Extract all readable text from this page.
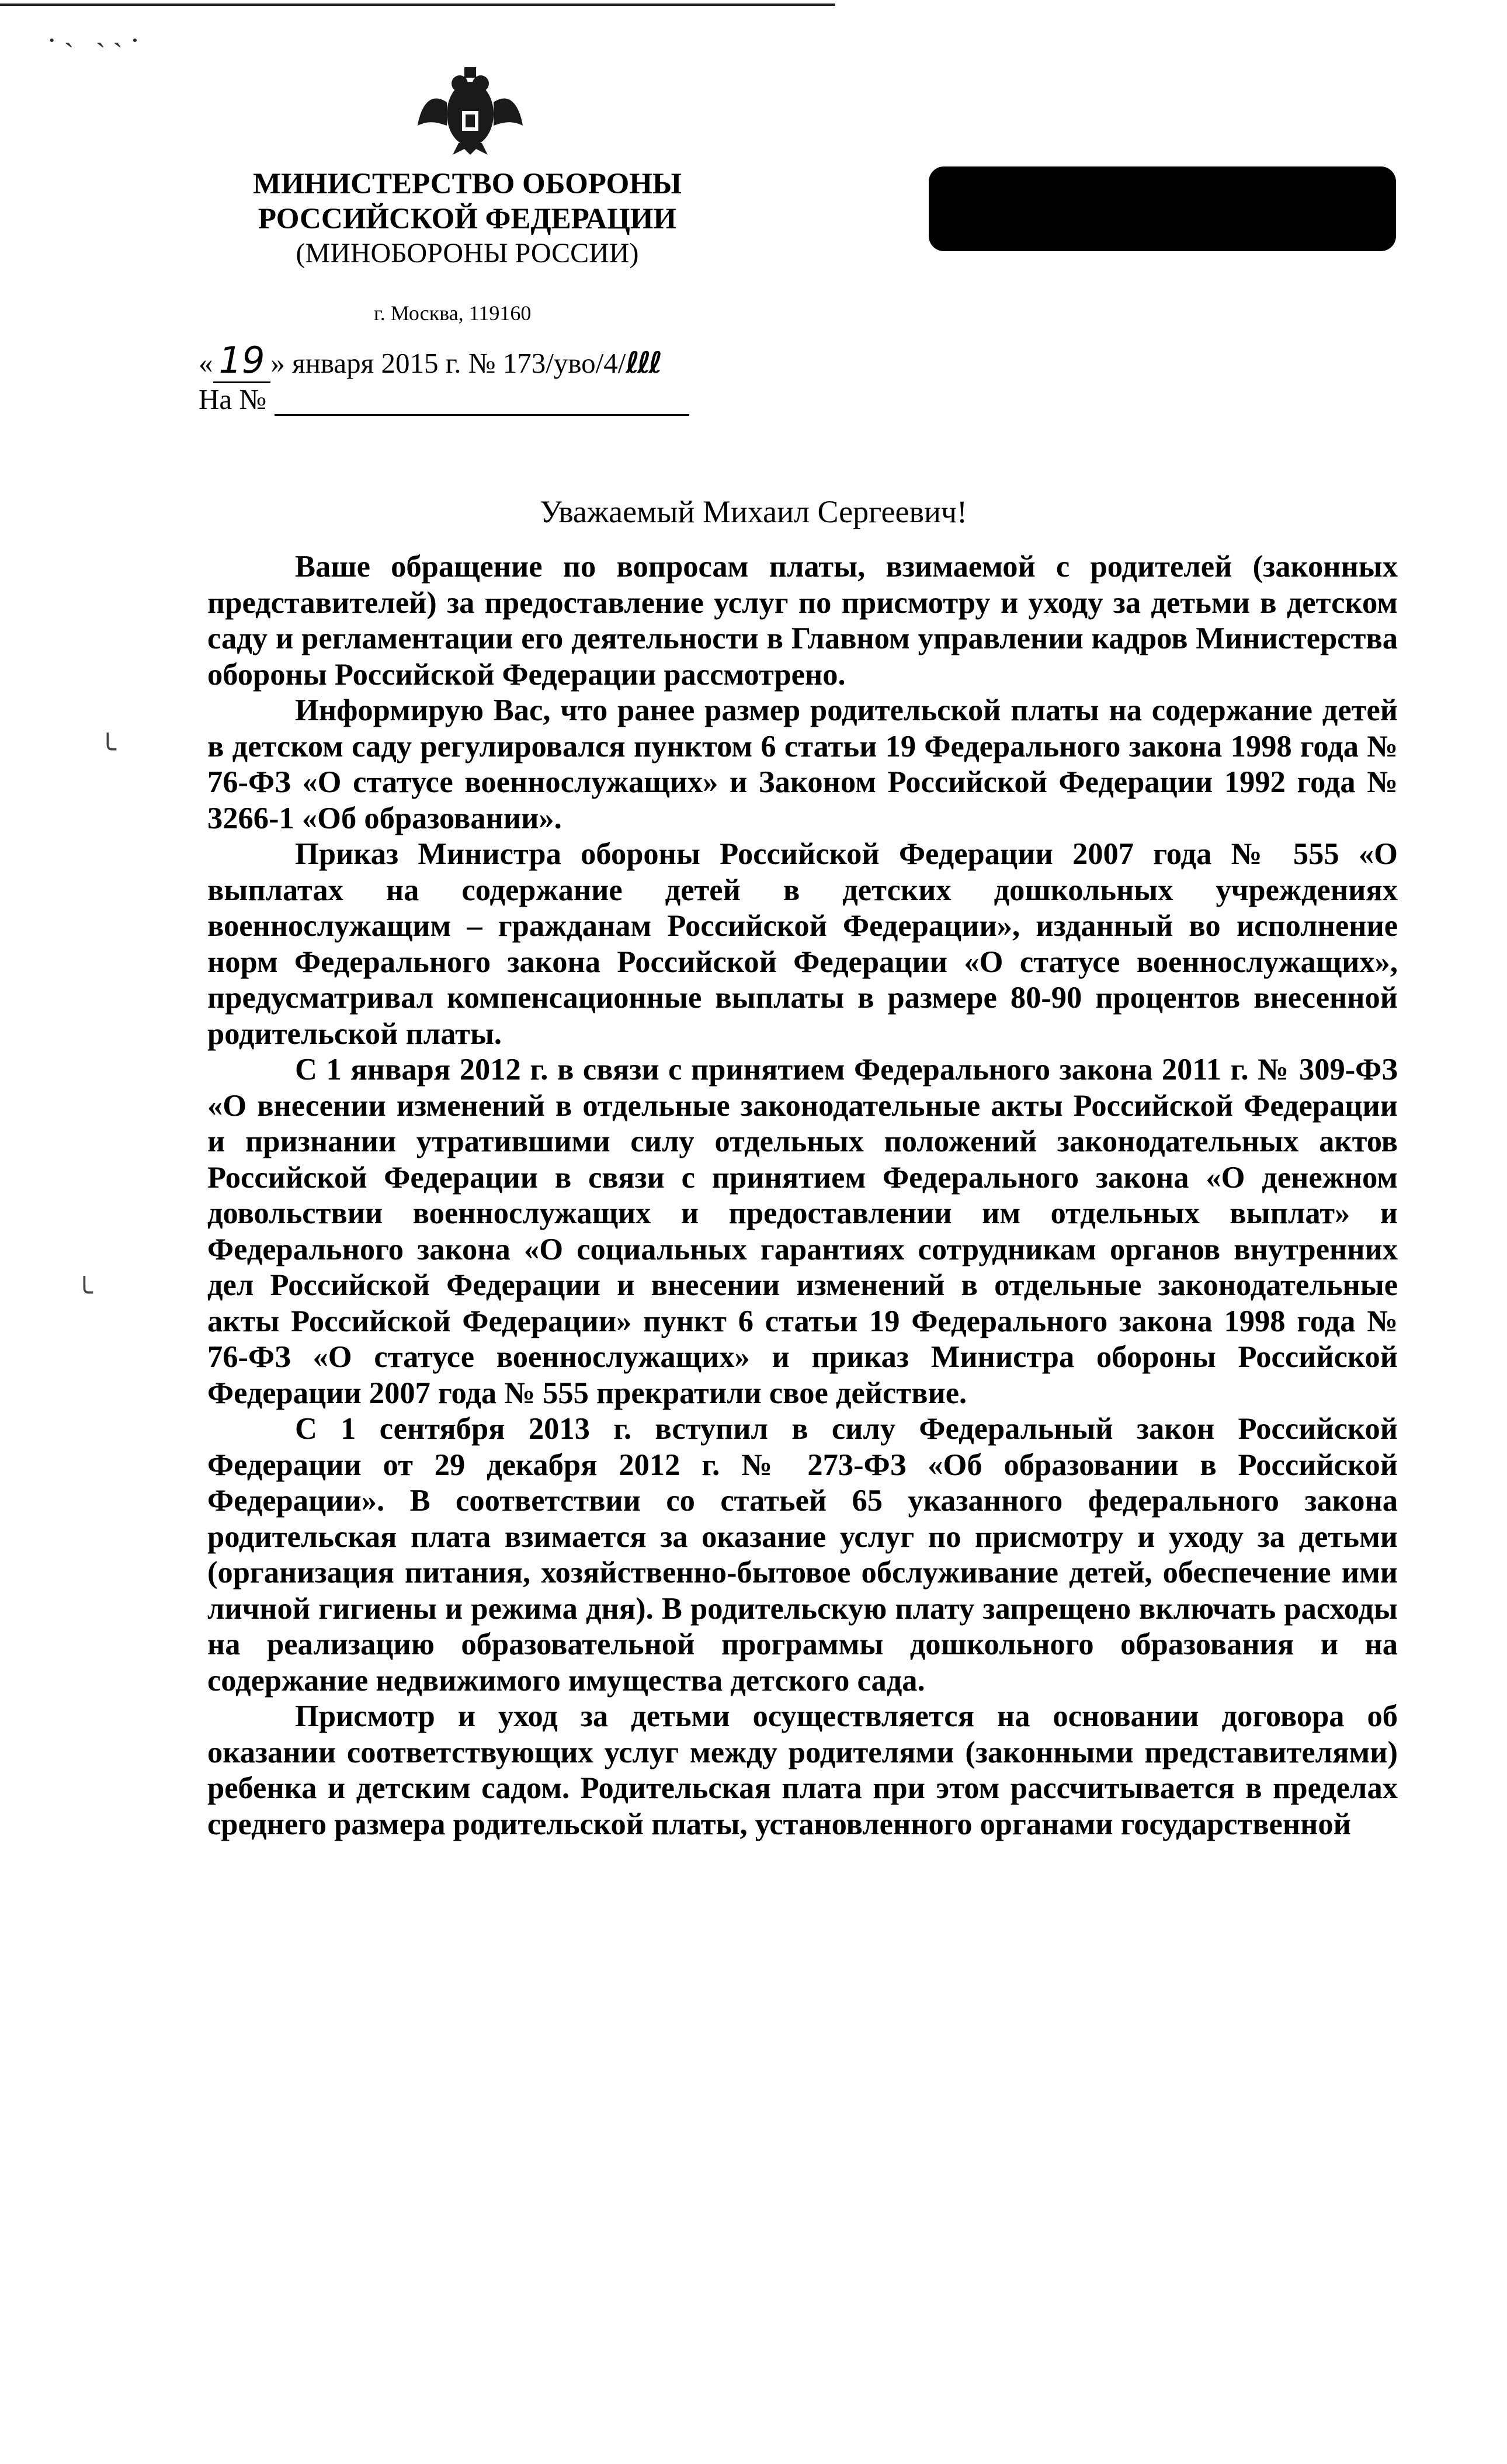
·˴ ˴˴·
МИНИСТЕРСТВО ОБОРОНЫ
РОССИЙСКОЙ ФЕДЕРАЦИИ
(МИНОБОРОНЫ РОССИИ)
г. Москва, 119160
« 19 » января 2015 г. № 173/уво/4/ℓℓℓ
На №
Уважаемый Михаил Сергеевич!

Ваше обращение по вопросам платы, взимаемой с родителей (законных представителей) за предоставление услуг по присмотру и уходу за детьми в детском саду и регламентации его деятельности в Главном управлении кадров Министерства обороны Российской Федерации рассмотрено.

Информирую Вас, что ранее размер родительской платы на содержание детей в детском саду регулировался пунктом 6 статьи 19 Федерального закона 1998 года № 76-ФЗ «О статусе военнослужащих» и Законом Российской Федерации 1992 года № 3266-1 «Об образовании».

Приказ Министра обороны Российской Федерации 2007 года № 555 «О выплатах на содержание детей в детских дошкольных учреждениях военнослужащим – гражданам Российской Федерации», изданный во исполнение норм Федерального закона Российской Федерации «О статусе военнослужащих», предусматривал компенсационные выплаты в размере 80-90 процентов внесенной родительской платы.

С 1 января 2012 г. в связи с принятием Федерального закона 2011 г. № 309-ФЗ «О внесении изменений в отдельные законодательные акты Российской Федерации и признании утратившими силу отдельных положений законодательных актов Российской Федерации в связи с принятием Федерального закона «О денежном довольствии военнослужащих и предоставлении им отдельных выплат» и Федерального закона «О социальных гарантиях сотрудникам органов внутренних дел Российской Федерации и внесении изменений в отдельные законодательные акты Российской Федерации» пункт 6 статьи 19 Федерального закона 1998 года № 76-ФЗ «О статусе военнослужащих» и приказ Министра обороны Российской Федерации 2007 года № 555 прекратили свое действие.

С 1 сентября 2013 г. вступил в силу Федеральный закон Российской Федерации от 29 декабря 2012 г. № 273-ФЗ «Об образовании в Российской Федерации». В соответствии со статьей 65 указанного федерального закона родительская плата взимается за оказание услуг по присмотру и уходу за детьми (организация питания, хозяйственно-бытовое обслуживание детей, обеспечение ими личной гигиены и режима дня). В родительскую плату запрещено включать расходы на реализацию образовательной программы дошкольного образования и на содержание недвижимого имущества детского сада.

Присмотр и уход за детьми осуществляется на основании договора об оказании соответствующих услуг между родителями (законными представителями) ребенка и детским садом. Родительская плата при этом рассчитывается в пределах среднего размера родительской платы, установленного органами государственной

╰
╰
